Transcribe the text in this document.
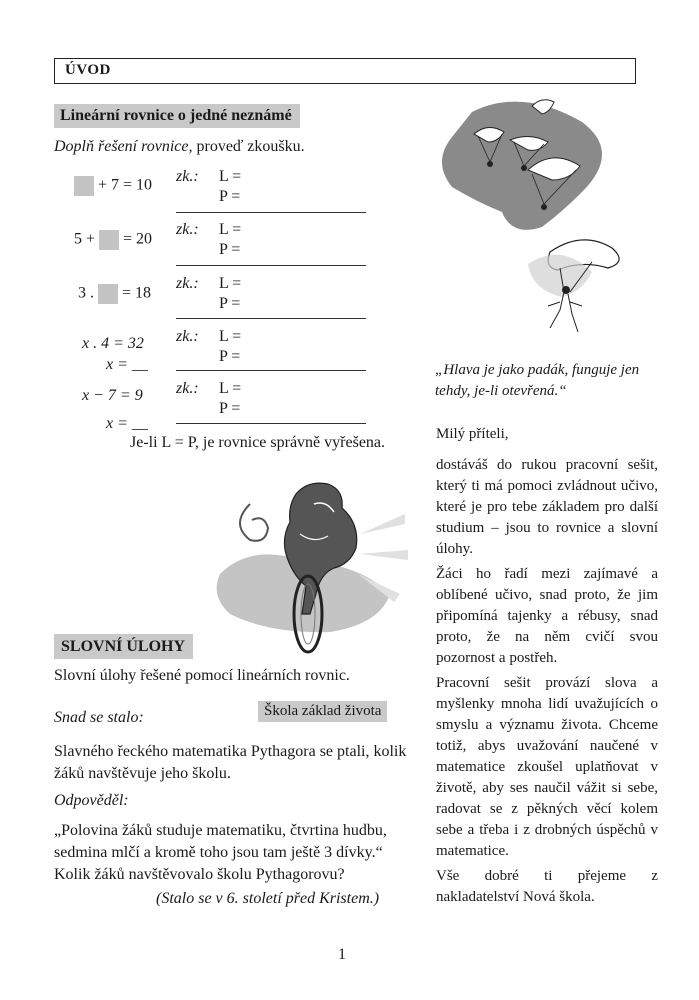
ÚVOD
Lineární rovnice o jedné neznámé
Doplň řešení rovnice, proveď zkoušku.
+ 7 = 10
zk.: L =
P =
5 + = 20
zk.: L =
P =
3 . = 18
zk.: L =
P =
x . 4 = 32
x = __
zk.: L =
P =
x − 7 = 9
x = __
zk.: L =
P =
Je-li L = P, je rovnice správně vyřešena.
„Hlava je jako padák, funguje jen tehdy, je-li otevřená.“

Milý příteli,

dostáváš do rukou pracovní sešit, který ti má pomoci zvládnout učivo, které je pro tebe základem pro další studium – jsou to rovnice a slovní úlohy.

Žáci ho řadí mezi zajímavé a oblíbené učivo, snad proto, že jim připomíná tajenky a rébusy, snad proto, že na něm cvičí svou pozornost a postřeh.

Pracovní sešit provází slova a myšlenky mnoha lidí uvažujících o smyslu a významu života. Chceme totiž, abys uvažování naučené v matematice zkoušel uplatňovat v životě, aby ses naučil vážit si sebe, radovat se z pěkných věcí kolem sebe a třeba i z drobných úspěchů v matematice.

Vše dobré ti přejeme z nakladatelství Nová škola.

SLOVNÍ ÚLOHY
Slovní úlohy řešené pomocí lineárních rovnic.
Škola základ života
Snad se stalo:
Slavného řeckého matematika Pythagora se ptali, kolik žáků navštěvuje jeho školu.
Odpověděl:
„Polovina žáků studuje matematiku, čtvrtina hudbu, sedmina mlčí a kromě toho jsou tam ještě 3 dívky.“ Kolik žáků navštěvovalo školu Pythagorovu?
(Stalo se v 6. století před Kristem.)
1
